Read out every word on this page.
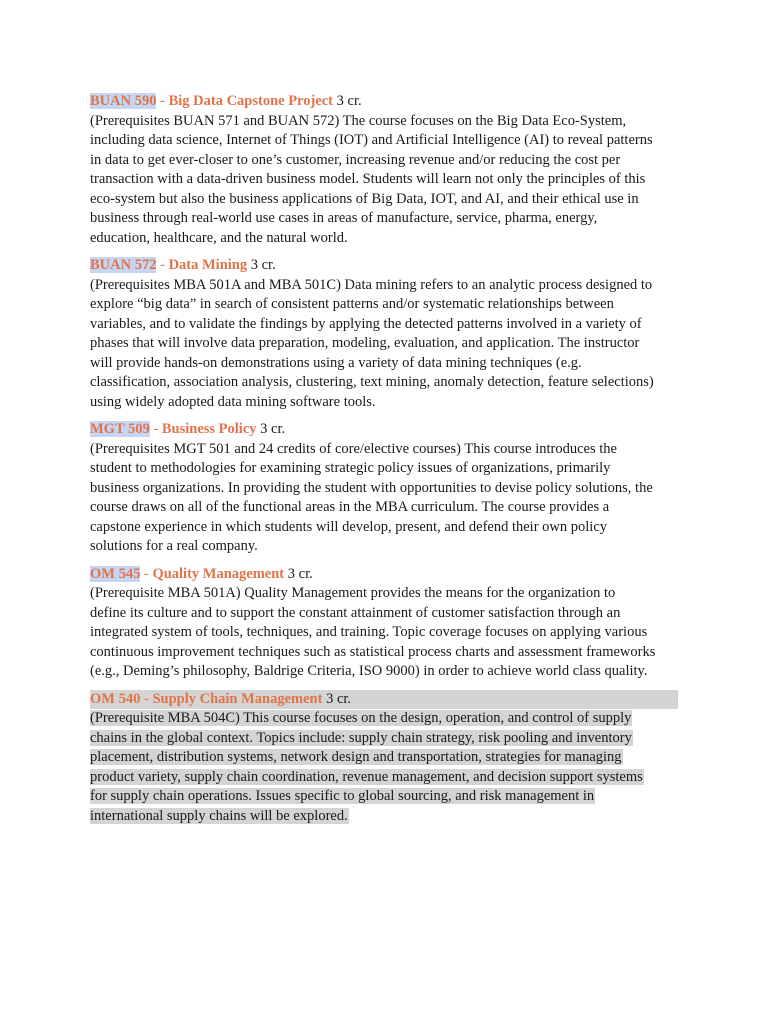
BUAN 590 - Big Data Capstone Project 3 cr.
(Prerequisites BUAN 571 and BUAN 572) The course focuses on the Big Data Eco-System,
including data science, Internet of Things (IOT) and Artificial Intelligence (AI) to reveal patterns
in data to get ever-closer to one’s customer, increasing revenue and/or reducing the cost per
transaction with a data-driven business model. Students will learn not only the principles of this
eco-system but also the business applications of Big Data, IOT, and AI, and their ethical use in
business through real-world use cases in areas of manufacture, service, pharma, energy,
education, healthcare, and the natural world.
BUAN 572 - Data Mining 3 cr.
(Prerequisites MBA 501A and MBA 501C) Data mining refers to an analytic process designed to
explore “big data” in search of consistent patterns and/or systematic relationships between
variables, and to validate the findings by applying the detected patterns involved in a variety of
phases that will involve data preparation, modeling, evaluation, and application. The instructor
will provide hands-on demonstrations using a variety of data mining techniques (e.g.
classification, association analysis, clustering, text mining, anomaly detection, feature selections)
using widely adopted data mining software tools.
MGT 509 - Business Policy 3 cr.
(Prerequisites MGT 501 and 24 credits of core/elective courses) This course introduces the
student to methodologies for examining strategic policy issues of organizations, primarily
business organizations. In providing the student with opportunities to devise policy solutions, the
course draws on all of the functional areas in the MBA curriculum. The course provides a
capstone experience in which students will develop, present, and defend their own policy
solutions for a real company.
OM 545 - Quality Management 3 cr.
(Prerequisite MBA 501A) Quality Management provides the means for the organization to
define its culture and to support the constant attainment of customer satisfaction through an
integrated system of tools, techniques, and training. Topic coverage focuses on applying various
continuous improvement techniques such as statistical process charts and assessment frameworks
(e.g., Deming’s philosophy, Baldrige Criteria, ISO 9000) in order to achieve world class quality.
OM 540 - Supply Chain Management 3 cr.
(Prerequisite MBA 504C) This course focuses on the design, operation, and control of supply
chains in the global context. Topics include: supply chain strategy, risk pooling and inventory
placement, distribution systems, network design and transportation, strategies for managing
product variety, supply chain coordination, revenue management, and decision support systems
for supply chain operations. Issues specific to global sourcing, and risk management in
international supply chains will be explored.
